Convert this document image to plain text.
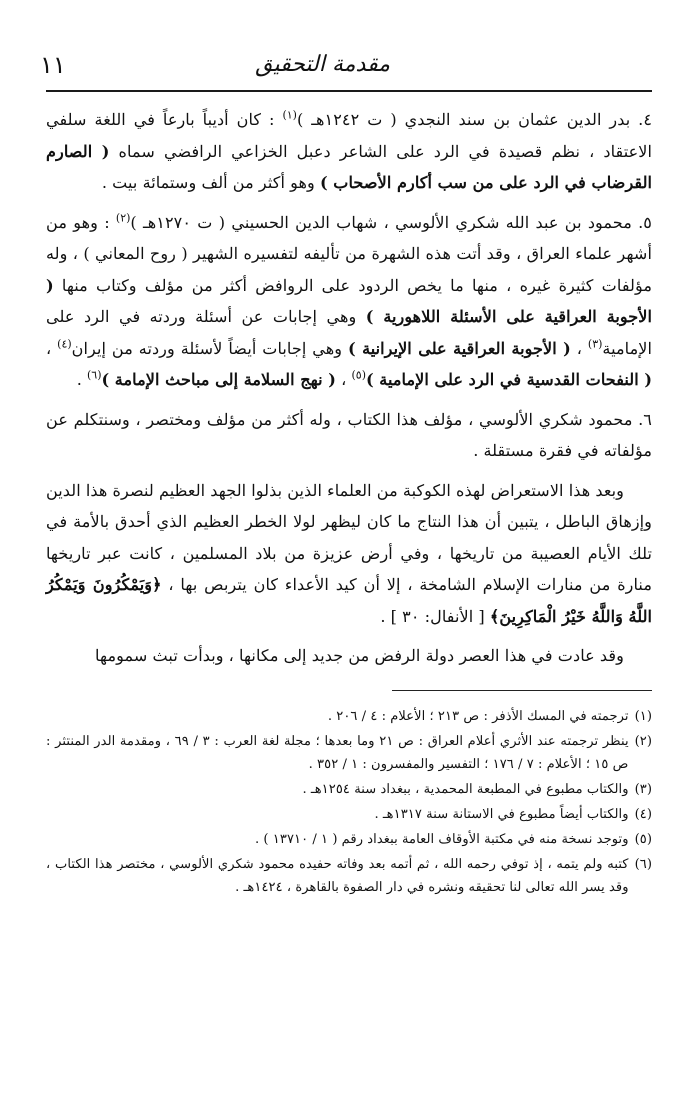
مقدمة التحقيق
١١

٤. بدر الدين عثمان بن سند النجدي ( ت ١٢٤٢هـ )$^{(١)}$ : كان أديباً بارعاً في اللغة سلفي الاعتقاد ، نظم قصيدة في الرد على الشاعر دعبل الخزاعي الرافضي سماه ( الصارم القرضاب في الرد على من سب أكارم الأصحاب ) وهو أكثر من ألف وستمائة بيت .

٥. محمود بن عبد الله شكري الألوسي ، شهاب الدين الحسيني ( ت ١٢٧٠هـ )$^{(٢)}$ : وهو من أشهر علماء العراق ، وقد أتت هذه الشهرة من تأليفه لتفسيره الشهير ( روح المعاني ) ، وله مؤلفات كثيرة غيره ، منها ما يخص الردود على الروافض أكثر من مؤلف وكتاب منها ( الأجوبة العراقية على الأسئلة اللاهورية ) وهي إجابات عن أسئلة وردته في الرد على الإمامية$^{(٣)}$ ، ( الأجوبة العراقية على الإيرانية ) وهي إجابات أيضاً لأسئلة وردته من إيران$^{(٤)}$ ، ( النفحات القدسية في الرد على الإمامية )$^{(٥)}$ ، ( نهج السلامة إلى مباحث الإمامة )$^{(٦)}$ .

٦. محمود شكري الألوسي ، مؤلف هذا الكتاب ، وله أكثر من مؤلف ومختصر ، وسنتكلم عن مؤلفاته في فقرة مستقلة .

وبعد هذا الاستعراض لهذه الكوكبة من العلماء الذين بذلوا الجهد العظيم لنصرة هذا الدين وإزهاق الباطل ، يتبين أن هذا النتاج ما كان ليظهر لولا الخطر العظيم الذي أحدق بالأمة في تلك الأيام العصيبة من تاريخها ، وفي أرض عزيزة من بلاد المسلمين ، كانت عبر تاريخها منارة من منارات الإسلام الشامخة ، إلا أن كيد الأعداء كان يتربص بها ، ﴿وَيَمْكُرُونَ وَيَمْكُرُ اللَّهُ وَاللَّهُ خَيْرُ الْمَاكِرِينَ﴾ [ الأنفال: ٣٠ ] .

وقد عادت في هذا العصر دولة الرفض من جديد إلى مكانها ، وبدأت تبث سمومها

(١)
ترجمته في المسك الأذفر : ص ٢١٣ ؛ الأعلام : ٤ / ٢٠٦ .
(٢)
ينظر ترجمته عند الأثري أعلام العراق : ص ٢١ وما بعدها ؛ مجلة لغة العرب : ٣ / ٦٩ ، ومقدمة الدر المنتثر : ص ١٥ ؛ الأعلام : ٧ / ١٧٦ ؛ التفسير والمفسرون : ١ / ٣٥٢ .
(٣)
والكتاب مطبوع في المطبعة المحمدية ، ببغداد سنة ١٢٥٤هـ .
(٤)
والكتاب أيضاً مطبوع في الاستانة سنة ١٣١٧هـ .
(٥)
وتوجد نسخة منه في مكتبة الأوقاف العامة ببغداد رقم ( ١ / ١٣٧١٠ ) .
(٦)
كتبه ولم يتمه ، إذ توفي رحمه الله ، ثم أتمه بعد وفاته حفيده محمود شكري الألوسي ، مختصر هذا الكتاب ، وقد يسر الله تعالى لنا تحقيقه ونشره في دار الصفوة بالقاهرة ، ١٤٢٤هـ .
